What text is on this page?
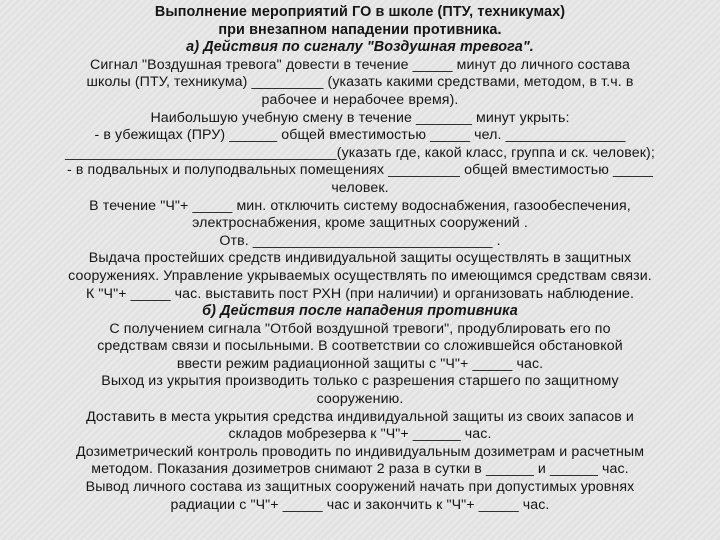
Выполнение мероприятий ГО в школе (ПТУ, техникумах)
при внезапном нападении противника.
а) Действия по сигналу "Воздушная тревога".
Сигнал "Воздушная тревога" довести в течение _____ минут до личного состава
школы (ПТУ, техникума) _________ (указать какими средствами, методом, в т.ч. в
рабочее и нерабочее время).
Наибольшую учебную смену в течение _______ минут укрыть:
- в убежищах (ПРУ) ______ общей вместимостью _____ чел. _______________
__________________________________(указать где, какой класс, группа и ск. человек);
- в подвальных и полуподвальных помещениях _________ общей вместимостью _____
человек.
В течение "Ч"+ _____ мин. отключить систему водоснабжения, газообеспечения,
электроснабжения, кроме защитных сооружений .
Отв. ______________________________ .
Выдача простейших средств индивидуальной защиты осуществлять в защитных
сооружениях. Управление укрываемых осуществлять по имеющимся средствам связи.
К "Ч"+ _____ час. выставить пост РХН (при наличии) и организовать наблюдение.
б) Действия после нападения противника
С получением сигнала "Отбой воздушной тревоги", продублировать его по
средствам связи и посыльными. В соответствии со сложившейся обстановкой
ввести режим радиационной защиты с "Ч"+ _____ час.
Выход из укрытия производить только с разрешения старшего по защитному
сооружению.
Доставить в места укрытия средства индивидуальной защиты из своих запасов и
складов мобрезерва к "Ч"+ ______ час.
Дозиметрический контроль проводить по индивидуальным дозиметрам и расчетным
методом. Показания дозиметров снимают 2 раза в сутки в ______ и ______ час.
Вывод личного состава из защитных сооружений начать при допустимых уровнях
радиации с "Ч"+ _____ час и закончить к "Ч"+ _____ час.
